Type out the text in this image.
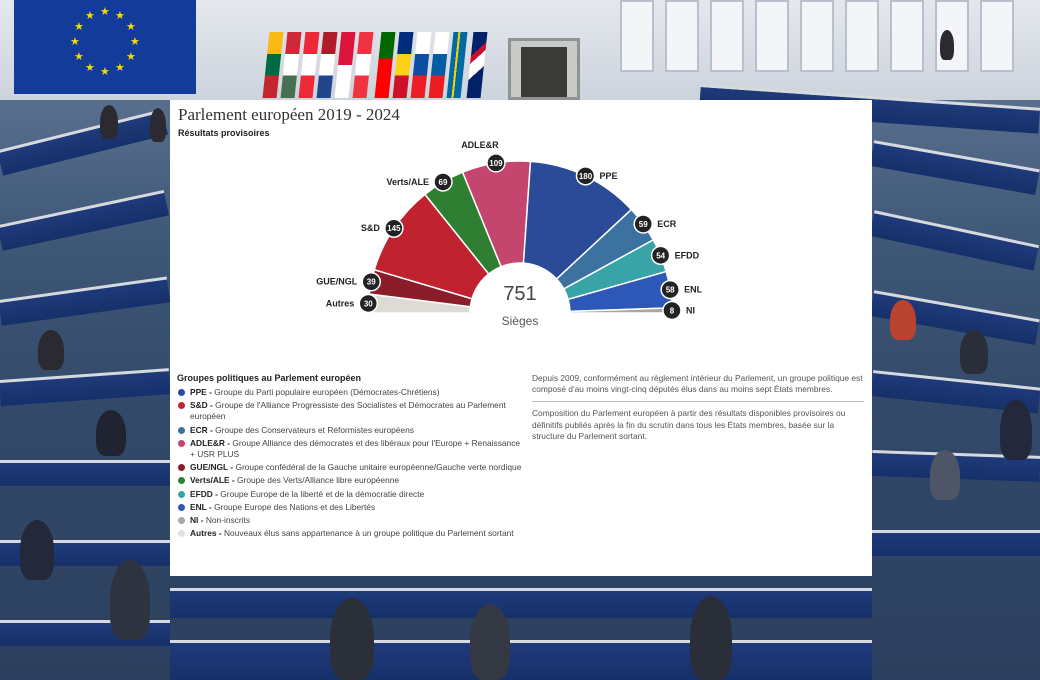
★ ★
★
★
★
★
★
★
★
★
★
★
Parlement européen 2019 - 2024
Résultats provisoires
30
Autres
39
GUE/NGL
145
S&D
69
Verts/ALE
109
ADLE&R
180 PPE
59 ECR
54 EFDD
58 ENL
8 NI
751
Sièges
Groupes politiques au Parlement européen
PPE - Groupe du Parti populaire européen (Démocrates-Chrétiens)
S&D - Groupe de l'Alliance Progressiste des Socialistes et Démocrates au Parlement européen
ECR - Groupe des Conservateurs et Réformistes européens
ADLE&R - Groupe Alliance des démocrates et des libéraux pour l'Europe + Renaissance + USR PLUS
GUE/NGL - Groupe confédéral de la Gauche unitaire européenne/Gauche verte nordique
Verts/ALE - Groupe des Verts/Alliance libre européenne
EFDD - Groupe Europe de la liberté et de la démocratie directe
ENL - Groupe Europe des Nations et des Libertés
NI - Non-inscrits
Autres - Nouveaux élus sans appartenance à un groupe politique du Parlement sortant

Depuis 2009, conformément au règlement intérieur du Parlement, un groupe politique est composé d'au moins vingt-cinq députés élus dans au moins sept États membres.

Composition du Parlement européen à partir des résultats disponibles provisoires ou définitifs publiés après la fin du scrutin dans tous les États membres, basée sur la structure du Parlement sortant.
